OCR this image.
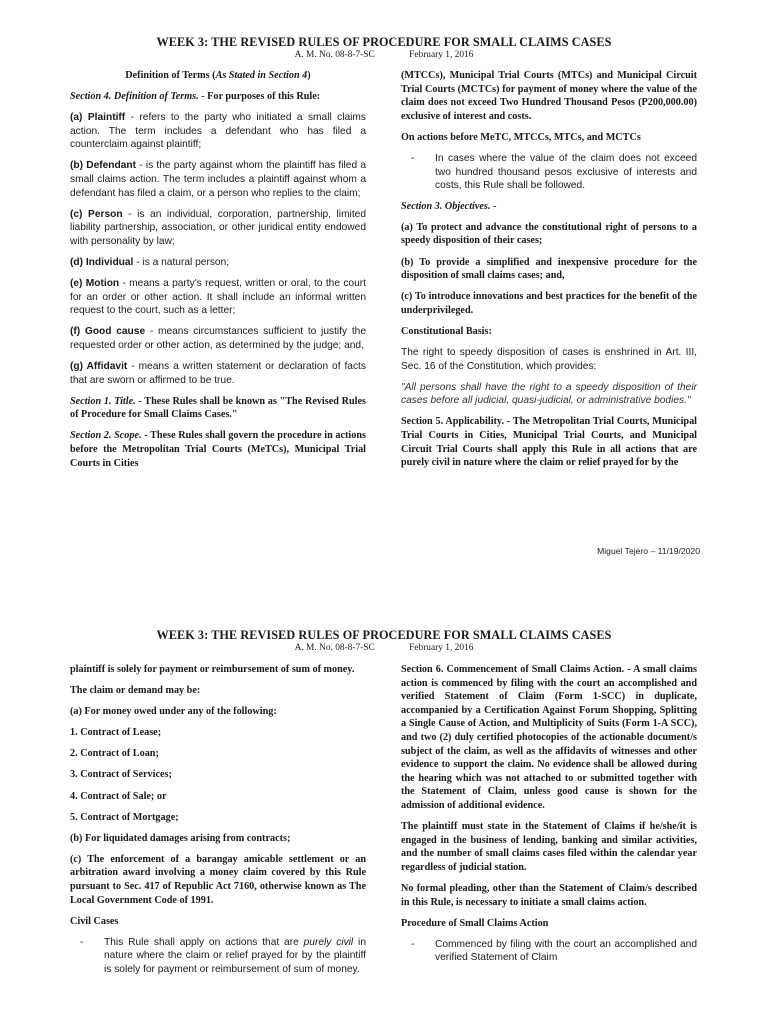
WEEK 3: THE REVISED RULES OF PROCEDURE FOR SMALL CLAIMS CASES
A. M. No. 08-8-7-SC	February 1, 2016

Definition of Terms (As Stated in Section 4)

Section 4. Definition of Terms. - For purposes of this Rule:

(a) Plaintiff - refers to the party who initiated a small claims action. The term includes a defendant who has filed a counterclaim against plaintiff;

(b) Defendant - is the party against whom the plaintiff has filed a small claims action. The term includes a plaintiff against whom a defendant has filed a claim, or a person who replies to the claim;

(c) Person - is an individual, corporation, partnership, limited liability partnership, association, or other juridical entity endowed with personality by law;

(d) Individual - is a natural person;

(e) Motion - means a party's request, written or oral, to the court for an order or other action. It shall include an informal written request to the court, such as a letter;

(f) Good cause - means circumstances sufficient to justify the requested order or other action, as determined by the judge; and,

(g) Affidavit - means a written statement or declaration of facts that are sworn or affirmed to be true.

Section 1. Title. - These Rules shall be known as "The Revised Rules of Procedure for Small Claims Cases."

Section 2. Scope. - These Rules shall govern the procedure in actions before the Metropolitan Trial Courts (MeTCs), Municipal Trial Courts in Cities

(MTCCs), Municipal Trial Courts (MTCs) and Municipal Circuit Trial Courts (MCTCs) for payment of money where the value of the claim does not exceed Two Hundred Thousand Pesos (P200,000.00) exclusive of interest and costs.

On actions before MeTC, MTCCs, MTCs, and MCTCs

-	In cases where the value of the claim does not exceed two hundred thousand pesos exclusive of interests and costs, this Rule shall be followed.

Section 3. Objectives. -

(a) To protect and advance the constitutional right of persons to a speedy disposition of their cases;

(b) To provide a simplified and inexpensive procedure for the disposition of small claims cases; and,

(c) To introduce innovations and best practices for the benefit of the underprivileged.

Constitutional Basis:

The right to speedy disposition of cases is enshrined in Art. III, Sec. 16 of the Constitution, which provides:

"All persons shall have the right to a speedy disposition of their cases before all judicial, quasi-judicial, or administrative bodies."

Section 5. Applicability. - The Metropolitan Trial Courts, Municipal Trial Courts in Cities, Municipal Trial Courts, and Municipal Circuit Trial Courts shall apply this Rule in all actions that are purely civil in nature where the claim or relief prayed for by the

Miguel Tejero – 11/19/2020
WEEK 3: THE REVISED RULES OF PROCEDURE FOR SMALL CLAIMS CASES
A. M. No. 08-8-7-SC	February 1, 2016

plaintiff is solely for payment or reimbursement of sum of money.

The claim or demand may be:

(a) For money owed under any of the following:

1. Contract of Lease;

2. Contract of Loan;

3. Contract of Services;

4. Contract of Sale; or

5. Contract of Mortgage;

(b) For liquidated damages arising from contracts;

(c) The enforcement of a barangay amicable settlement or an arbitration award involving a money claim covered by this Rule pursuant to Sec. 417 of Republic Act 7160, otherwise known as The Local Government Code of 1991.

Civil Cases

-	This Rule shall apply on actions that are purely civil in nature where the claim or relief prayed for by the plaintiff is solely for payment or reimbursement of sum of money.

Section 6. Commencement of Small Claims Action. - A small claims action is commenced by filing with the court an accomplished and verified Statement of Claim (Form 1-SCC) in duplicate, accompanied by a Certification Against Forum Shopping, Splitting a Single Cause of Action, and Multiplicity of Suits (Form 1-A SCC), and two (2) duly certified photocopies of the actionable document/s subject of the claim, as well as the affidavits of witnesses and other evidence to support the claim. No evidence shall be allowed during the hearing which was not attached to or submitted together with the Statement of Claim, unless good cause is shown for the admission of additional evidence.

The plaintiff must state in the Statement of Claims if he/she/it is engaged in the business of lending, banking and similar activities, and the number of small claims cases filed within the calendar year regardless of judicial station.

No formal pleading, other than the Statement of Claim/s described in this Rule, is necessary to initiate a small claims action.

Procedure of Small Claims Action

-	Commenced by filing with the court an accomplished and verified Statement of Claim
